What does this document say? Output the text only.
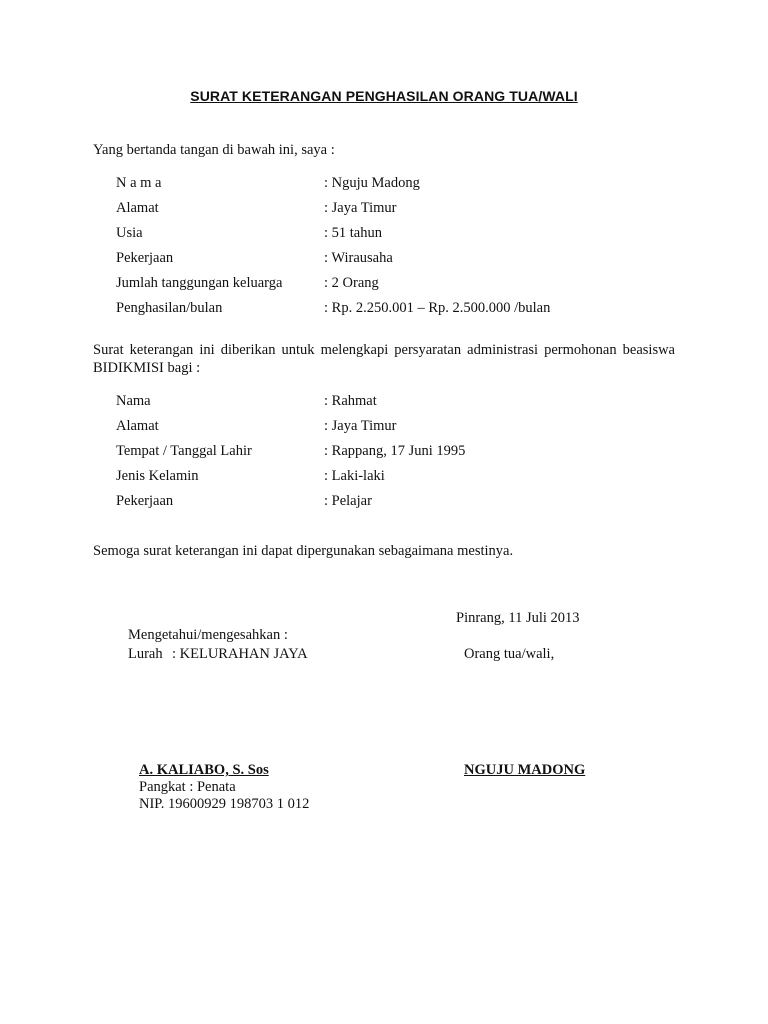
SURAT KETERANGAN PENGHASILAN ORANG TUA/WALI
Yang bertanda tangan di bawah ini, saya :
N a m a	: Nguju Madong
Alamat	: Jaya Timur
Usia	: 51 tahun
Pekerjaan	: Wirausaha
Jumlah tanggungan keluarga	: 2 Orang
Penghasilan/bulan	: Rp. 2.250.001 – Rp. 2.500.000 /bulan
Surat keterangan ini diberikan untuk melengkapi persyaratan administrasi permohonan beasiswa BIDIKMISI bagi :
Nama	: Rahmat
Alamat	: Jaya Timur
Tempat / Tanggal Lahir	: Rappang, 17 Juni 1995
Jenis Kelamin	: Laki-laki
Pekerjaan	: Pelajar
Semoga surat keterangan ini dapat dipergunakan sebagaimana mestinya.
Pinrang, 11 Juli 2013
Mengetahui/mengesahkan :
Lurah : KELURAHAN JAYA	Orang tua/wali,
A. KALIABO, S. Sos
Pangkat : Penata
NIP. 19600929 198703 1 012
NGUJU MADONG
